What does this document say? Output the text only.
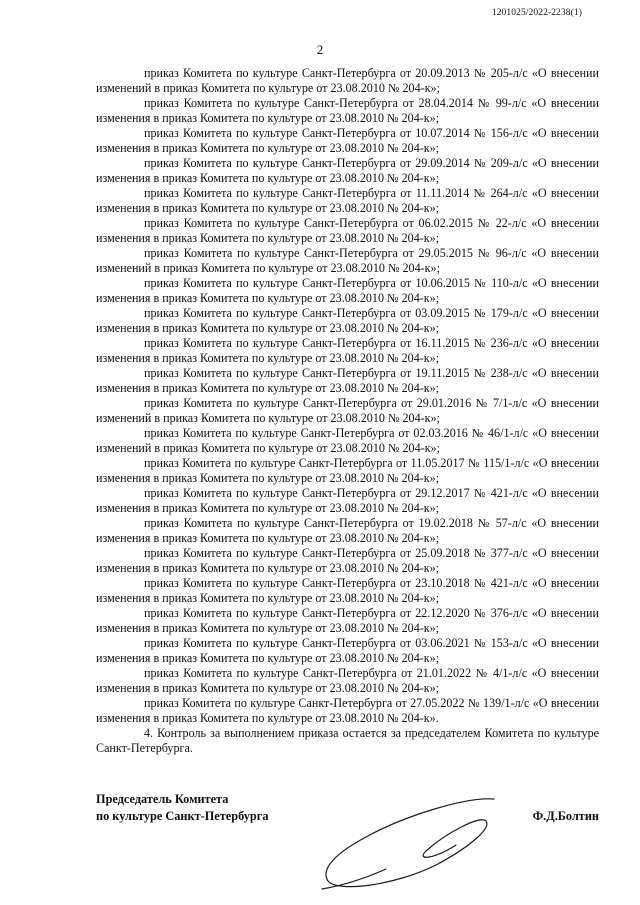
1201025/2022-2238(1)
2

приказ Комитета по культуре Санкт-Петербурга от 20.09.2013 № 205-л/с «О внесении изменений в приказ Комитета по культуре от 23.08.2010 № 204-к»;

приказ Комитета по культуре Санкт-Петербурга от 28.04.2014 № 99-л/с «О внесении изменения в приказ Комитета по культуре от 23.08.2010 № 204-к»;

приказ Комитета по культуре Санкт-Петербурга от 10.07.2014 № 156-л/с «О внесении изменения в приказ Комитета по культуре от 23.08.2010 № 204-к»;

приказ Комитета по культуре Санкт-Петербурга от 29.09.2014 № 209-л/с «О внесении изменения в приказ Комитета по культуре от 23.08.2010 № 204-к»;

приказ Комитета по культуре Санкт-Петербурга от 11.11.2014 № 264-л/с «О внесении изменения в приказ Комитета по культуре от 23.08.2010 № 204-к»;

приказ Комитета по культуре Санкт-Петербурга от 06.02.2015 № 22-л/с «О внесении изменения в приказ Комитета по культуре от 23.08.2010 № 204-к»;

приказ Комитета по культуре Санкт-Петербурга от 29.05.2015 № 96-л/с «О внесении изменений в приказ Комитета по культуре от 23.08.2010 № 204-к»;

приказ Комитета по культуре Санкт-Петербурга от 10.06.2015 № 110-л/с «О внесении изменения в приказ Комитета по культуре от 23.08.2010 № 204-к»;

приказ Комитета по культуре Санкт-Петербурга от 03.09.2015 № 179-л/с «О внесении изменения в приказ Комитета по культуре от 23.08.2010 № 204-к»;

приказ Комитета по культуре Санкт-Петербурга от 16.11.2015 № 236-л/с «О внесении изменения в приказ Комитета по культуре от 23.08.2010 № 204-к»;

приказ Комитета по культуре Санкт-Петербурга от 19.11.2015 № 238-л/с «О внесении изменения в приказ Комитета по культуре от 23.08.2010 № 204-к»;

приказ Комитета по культуре Санкт-Петербурга от 29.01.2016 № 7/1-л/с «О внесении изменений в приказ Комитета по культуре от 23.08.2010 № 204-к»;

приказ Комитета по культуре Санкт-Петербурга от 02.03.2016 № 46/1-л/с «О внесении изменений в приказ Комитета по культуре от 23.08.2010 № 204-к»;

приказ Комитета по культуре Санкт-Петербурга от 11.05.2017 № 115/1-л/с «О внесении изменения в приказ Комитета по культуре от 23.08.2010 № 204-к»;

приказ Комитета по культуре Санкт-Петербурга от 29.12.2017 № 421-л/с «О внесении изменения в приказ Комитета по культуре от 23.08.2010 № 204-к»;

приказ Комитета по культуре Санкт-Петербурга от 19.02.2018 № 57-л/с «О внесении изменения в приказ Комитета по культуре от 23.08.2010 № 204-к»;

приказ Комитета по культуре Санкт-Петербурга от 25.09.2018 № 377-л/с «О внесении изменения в приказ Комитета по культуре от 23.08.2010 № 204-к»;

приказ Комитета по культуре Санкт-Петербурга от 23.10.2018 № 421-л/с «О внесении изменения в приказ Комитета по культуре от 23.08.2010 № 204-к»;

приказ Комитета по культуре Санкт-Петербурга от 22.12.2020 № 376-л/с «О внесении изменения в приказ Комитета по культуре от 23.08.2010 № 204-к»;

приказ Комитета по культуре Санкт-Петербурга от 03.06.2021 № 153-л/с «О внесении изменения в приказ Комитета по культуре от 23.08.2010 № 204-к»;

приказ Комитета по культуре Санкт-Петербурга от 21.01.2022 № 4/1-л/с «О внесении изменения в приказ Комитета по культуре от 23.08.2010 № 204-к»;

приказ Комитета по культуре Санкт-Петербурга от 27.05.2022 № 139/1-л/с «О внесении изменения в приказ Комитета по культуре от 23.08.2010 № 204-к».

4. Контроль за выполнением приказа остается за председателем Комитета по культуре Санкт-Петербурга.

Председатель Комитета
по культуре Санкт-Петербурга	Ф.Д.Болтин
